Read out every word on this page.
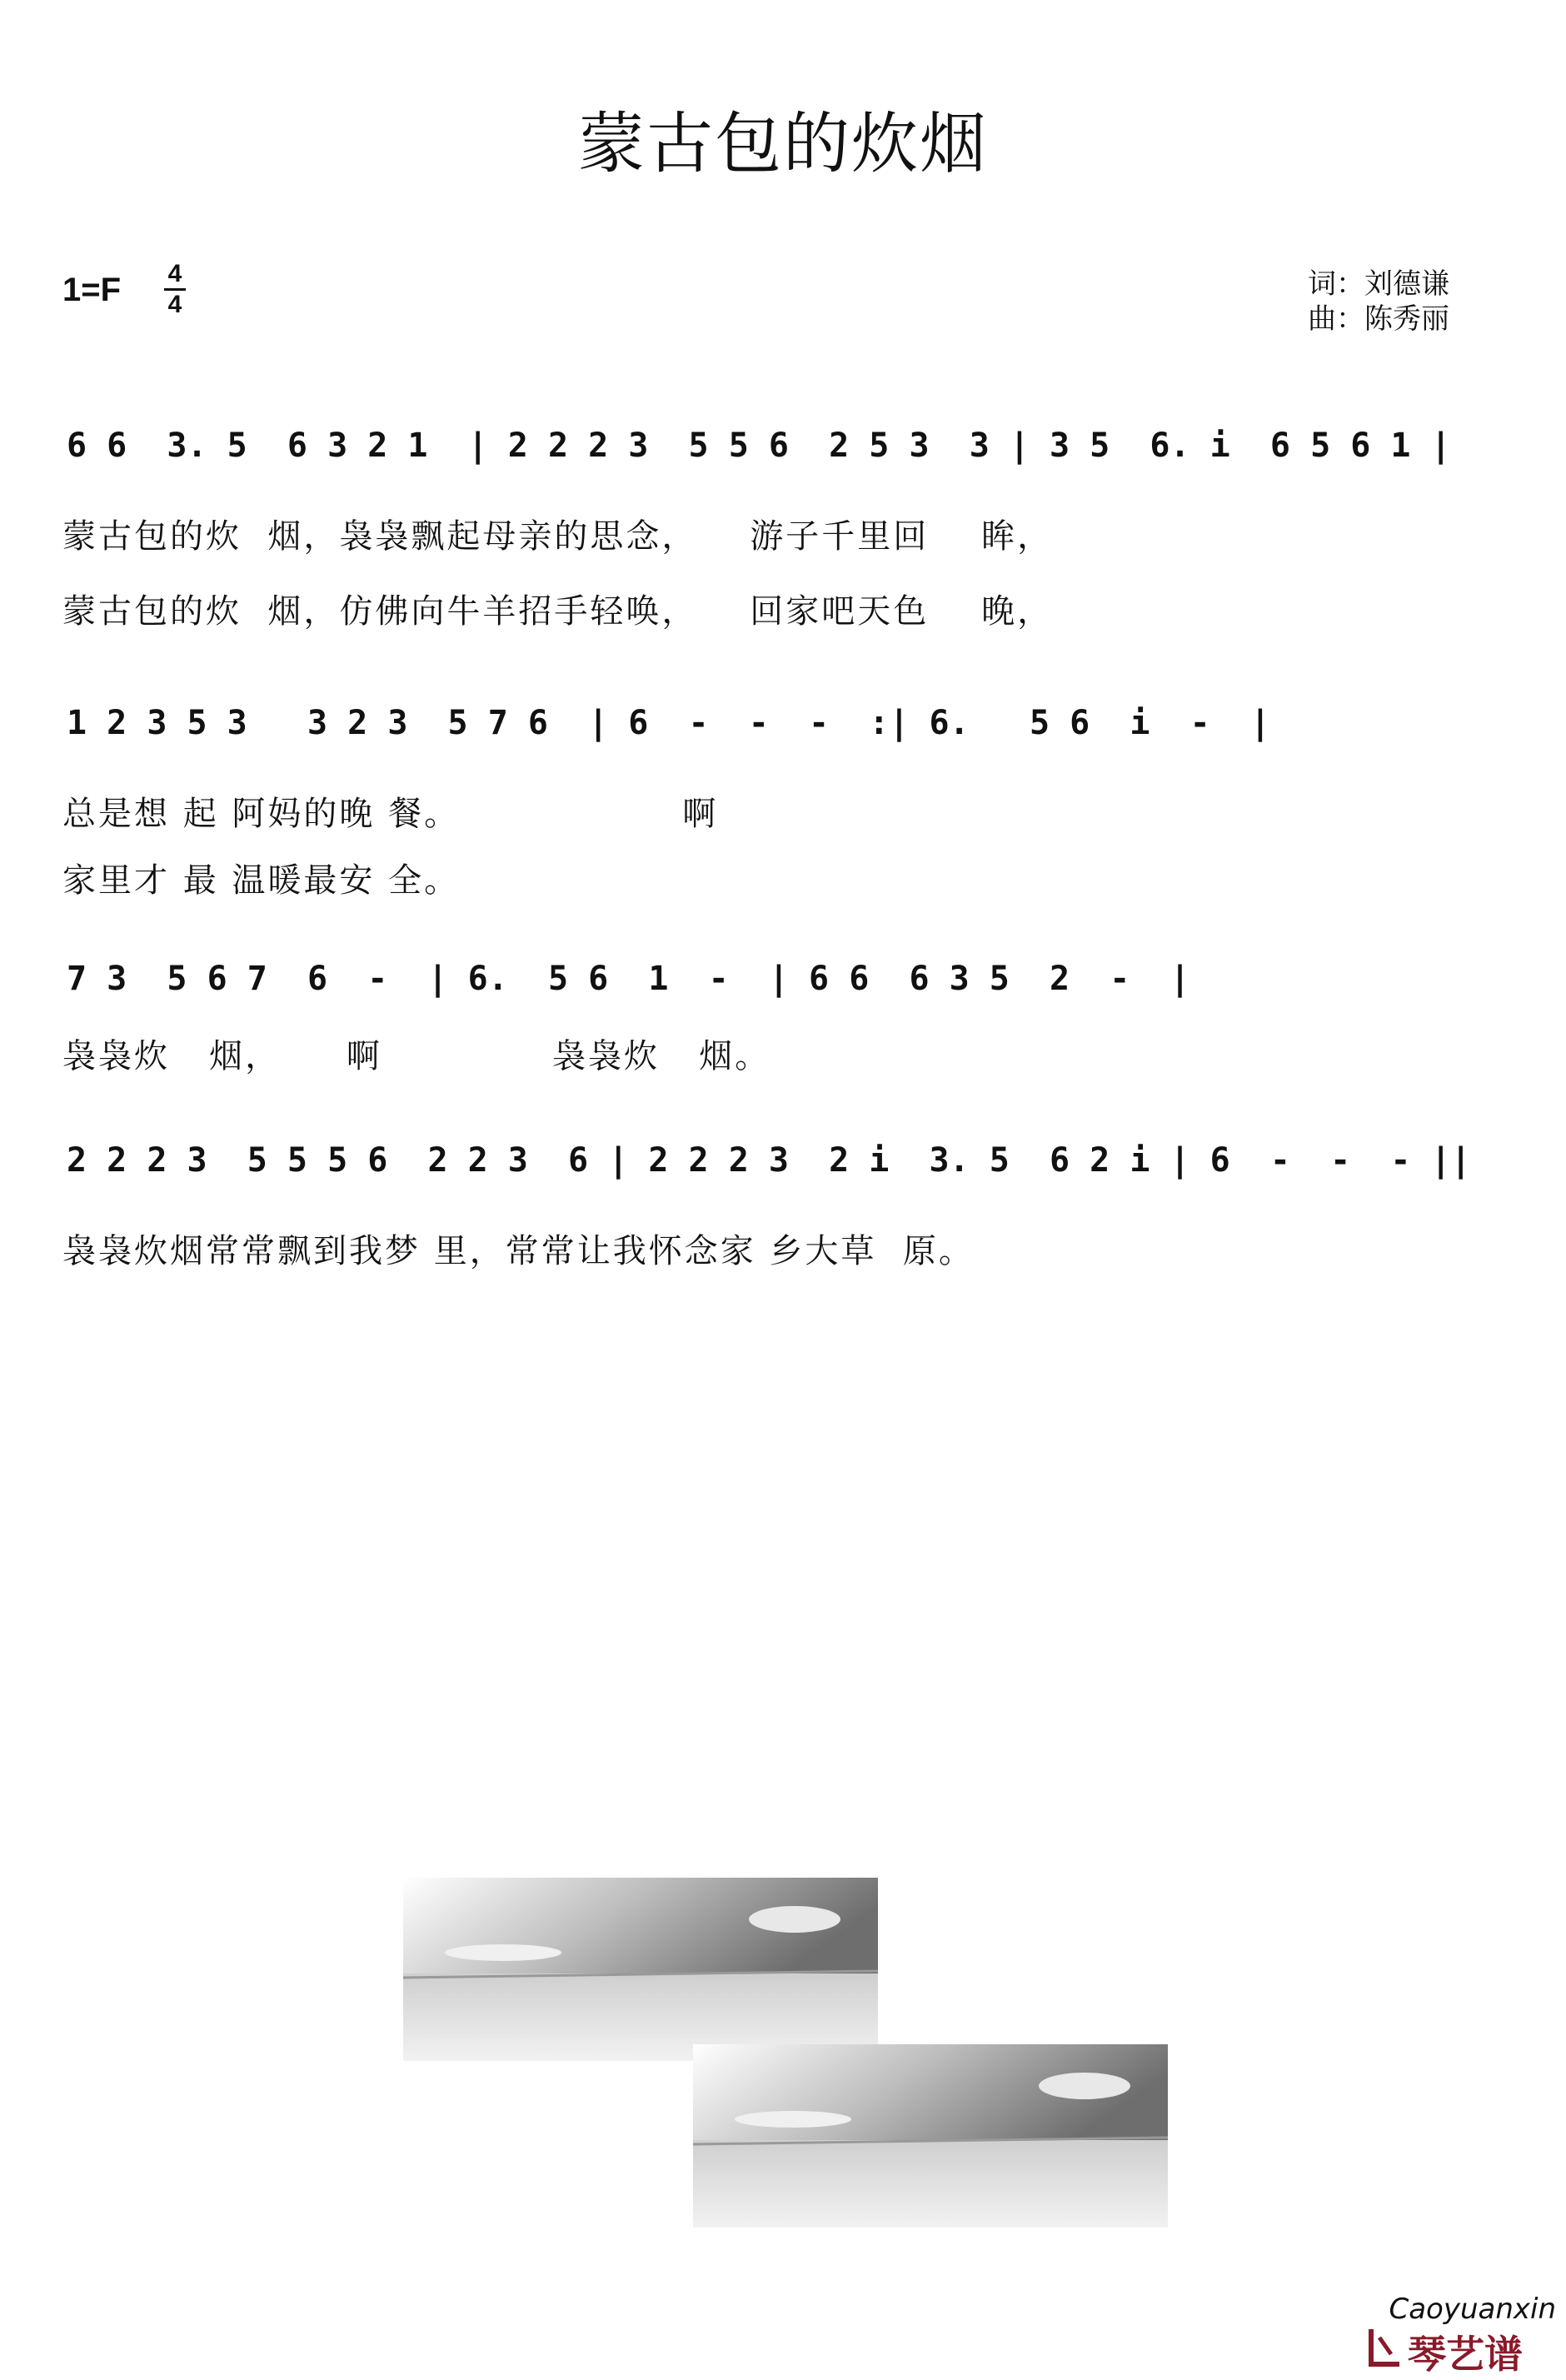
蒙古包的炊烟
1=F 4
4
词：刘德谦
曲：陈秀丽
6 6  3. 5  6 3 2 1  | 2 2 2 3  5 5 6  2 5 3  3 | 3 5  6. i  6 5 6 1 |
蒙古包的炊  烟，袅袅飘起母亲的思念，    游子千里回    眸，
蒙古包的炊  烟，仿佛向牛羊招手轻唤，    回家吧天色    晚，
1 2 3 5 3   3 2 3  5 7 6  | 6  -  -  -  :| 6.   5 6  i  -  |
总是想 起 阿妈的晚 餐。                 啊
家里才 最 温暖最安 全。
7 3  5 6 7  6  -  | 6.  5 6  1  -  | 6 6  6 3 5  2  -  |
袅袅炊   烟，     啊             袅袅炊   烟。
2 2 2 3  5 5 5 6  2 2 3  6 | 2 2 2 3  2 i  3. 5  6 2 i | 6  -  -  - ||
袅袅炊烟常常飘到我梦 里，常常让我怀念家 乡大草  原。
Caoyuanxin
琴艺谱
